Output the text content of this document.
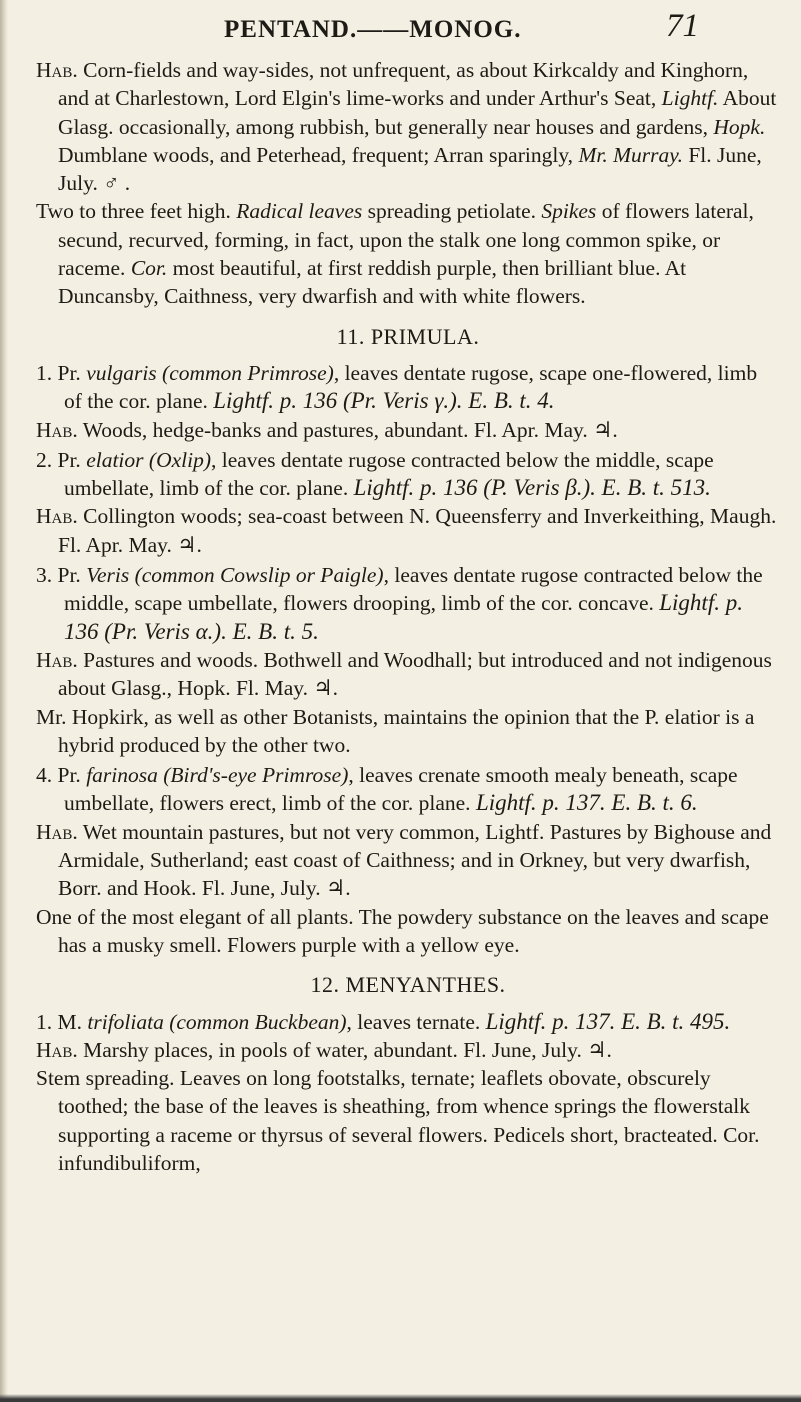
PENTAND.——MONOG.	71

Hab. Corn-fields and way-sides, not unfrequent, as about Kirkcaldy and Kinghorn, and at Charlestown, Lord Elgin's lime-works and under Arthur's Seat, Lightf. About Glasg. occasionally, among rubbish, but generally near houses and gardens, Hopk. Dumblane woods, and Peterhead, frequent; Arran sparingly, Mr. Murray. Fl. June, July. ♂ .

Two to three feet high. Radical leaves spreading petiolate. Spikes of flowers lateral, secund, recurved, forming, in fact, upon the stalk one long common spike, or raceme. Cor. most beautiful, at first reddish purple, then brilliant blue. At Duncansby, Caithness, very dwarfish and with white flowers.

11. PRIMULA.

1. Pr. vulgaris (common Primrose), leaves dentate rugose, scape one-flowered, limb of the cor. plane. Lightf. p. 136 (Pr. Veris γ.). E. B. t. 4.

Hab. Woods, hedge-banks and pastures, abundant. Fl. Apr. May. ♃.

2. Pr. elatior (Oxlip), leaves dentate rugose contracted below the middle, scape umbellate, limb of the cor. plane. Lightf. p. 136 (P. Veris β.). E. B. t. 513.

Hab. Collington woods; sea-coast between N. Queensferry and Inverkeithing, Maugh. Fl. Apr. May. ♃.

3. Pr. Veris (common Cowslip or Paigle), leaves dentate rugose contracted below the middle, scape umbellate, flowers drooping, limb of the cor. concave. Lightf. p. 136 (Pr. Veris α.). E. B. t. 5.

Hab. Pastures and woods. Bothwell and Woodhall; but introduced and not indigenous about Glasg., Hopk. Fl. May. ♃.

Mr. Hopkirk, as well as other Botanists, maintains the opinion that the P. elatior is a hybrid produced by the other two.

4. Pr. farinosa (Bird's-eye Primrose), leaves crenate smooth mealy beneath, scape umbellate, flowers erect, limb of the cor. plane. Lightf. p. 137. E. B. t. 6.

Hab. Wet mountain pastures, but not very common, Lightf. Pastures by Bighouse and Armidale, Sutherland; east coast of Caithness; and in Orkney, but very dwarfish, Borr. and Hook. Fl. June, July. ♃.

One of the most elegant of all plants. The powdery substance on the leaves and scape has a musky smell. Flowers purple with a yellow eye.

12. MENYANTHES.

1. M. trifoliata (common Buckbean), leaves ternate. Lightf. p. 137. E. B. t. 495.

Hab. Marshy places, in pools of water, abundant. Fl. June, July. ♃.

Stem spreading. Leaves on long footstalks, ternate; leaflets obovate, obscurely toothed; the base of the leaves is sheathing, from whence springs the flowerstalk supporting a raceme or thyrsus of several flowers. Pedicels short, bracteated. Cor. infundibuliform,
